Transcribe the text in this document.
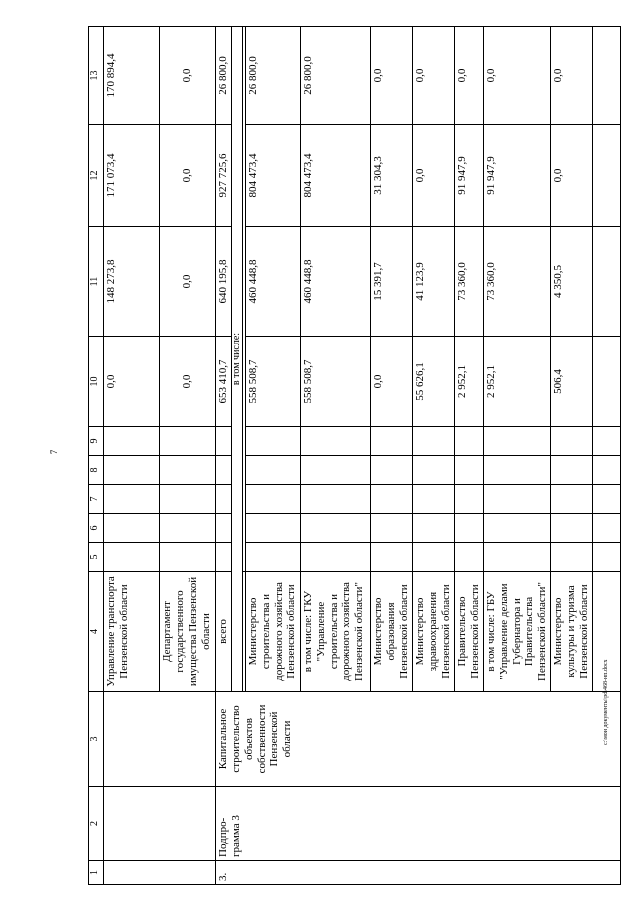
7
c:\мои документы\pd\468-нп.docx
1	2	3	4	5	6	7	8	9	10	11	12	13
			Управление транспорта Пензенской области						0,0	148 273,8	171 073,4	170 894,4
			Департамент государственного имущества Пензенской области						0,0	0,0	0,0	0,0
3.	Подпро-грамма 3	Капитальное строительство объектов собственности Пензенской области	всего						653 410,7	640 195,8	927 725,6	26 800,0
			в том числе:									

			Министерство строительства и дорожного хозяйства Пензенской области						558 508,7	460 448,8	804 473,4	26 800,0
			в том числе: ГКУ "Управление строительства и дорожного хозяйства Пензенской области"						558 508,7	460 448,8	804 473,4	26 800,0
			Министерство образования Пензенской области						0,0	15 391,7	31 304,3	0,0
			Министерство здравоохранения Пензенской области						55 626,1	41 123,9	0,0	0,0
			Правительство Пензенской области						2 952,1	73 360,0	91 947,9	0,0
			в том числе: ГБУ "Управление делами Губернатора и Правительства Пензенской области"						2 952,1	73 360,0	91 947,9	0,0
			Министерство культуры и туризма Пензенской области						506,4	4 350,5	0,0	0,0
